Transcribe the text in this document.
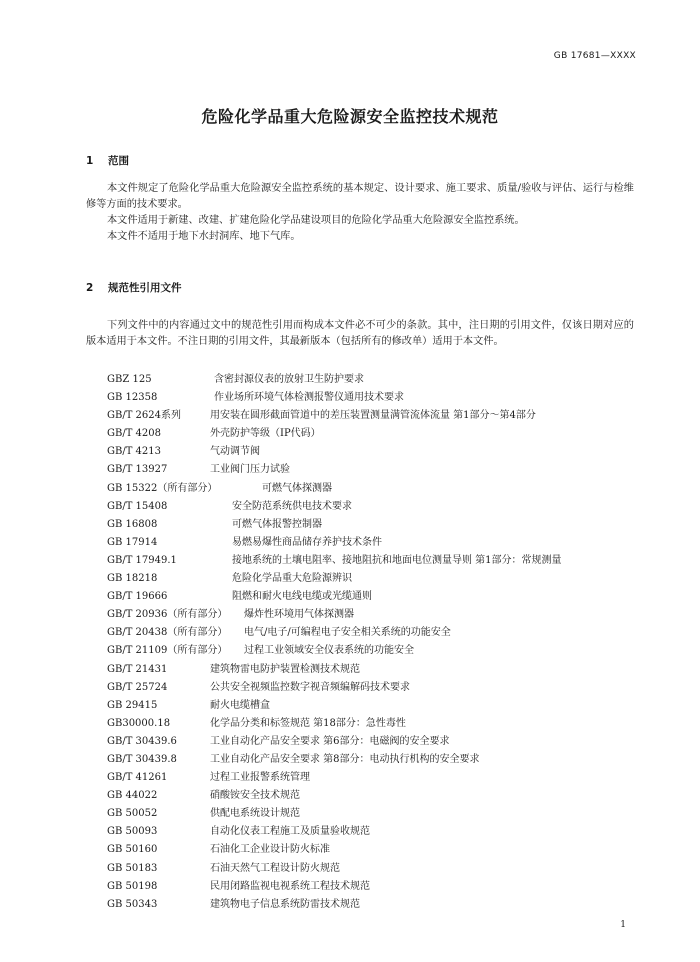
GB 17681—XXXX
危险化学品重大危险源安全监控技术规范
1 范围

本文件规定了危险化学品重大危险源安全监控系统的基本规定、设计要求、施工要求、质量/验收与评估、运行与检维修等方面的技术要求。

本文件适用于新建、改建、扩建危险化学品建设项目的危险化学品重大危险源安全监控系统。

本文件不适用于地下水封洞库、地下气库。

2 规范性引用文件

下列文件中的内容通过文中的规范性引用而构成本文件必不可少的条款。其中，注日期的引用文件，仅该日期对应的版本适用于本文件。不注日期的引用文件，其最新版本（包括所有的修改单）适用于本文件。

GBZ 125	含密封源仪表的放射卫生防护要求
GB 12358	作业场所环境气体检测报警仪通用技术要求
GB/T 2624系列	用安装在圆形截面管道中的差压装置测量满管流体流量 第1部分～第4部分
GB/T 4208	外壳防护等级（IP代码）
GB/T 4213	气动调节阀
GB/T 13927	工业阀门压力试验
GB 15322（所有部分）	可燃气体探测器
GB/T 15408	安全防范系统供电技术要求
GB 16808	可燃气体报警控制器
GB 17914	易燃易爆性商品储存养护技术条件
GB/T 17949.1	接地系统的土壤电阻率、接地阻抗和地面电位测量导则 第1部分：常规测量
GB 18218	危险化学品重大危险源辨识
GB/T 19666	阻燃和耐火电线电缆或光缆通则
GB/T 20936（所有部分） 爆炸性环境用气体探测器
GB/T 20438（所有部分） 电气/电子/可编程电子安全相关系统的功能安全
GB/T 21109（所有部分） 过程工业领域安全仪表系统的功能安全
GB/T 21431	建筑物雷电防护装置检测技术规范
GB/T 25724	公共安全视频监控数字视音频编解码技术要求
GB 29415	耐火电缆槽盒
GB30000.18	化学品分类和标签规范 第18部分：急性毒性
GB/T 30439.6	工业自动化产品安全要求 第6部分：电磁阀的安全要求
GB/T 30439.8	工业自动化产品安全要求 第8部分：电动执行机构的安全要求
GB/T 41261	过程工业报警系统管理
GB 44022	硝酸铵安全技术规范
GB 50052	供配电系统设计规范
GB 50093	自动化仪表工程施工及质量验收规范
GB 50160	石油化工企业设计防火标准
GB 50183	石油天然气工程设计防火规范
GB 50198	民用闭路监视电视系统工程技术规范
GB 50343	建筑物电子信息系统防雷技术规范
1
